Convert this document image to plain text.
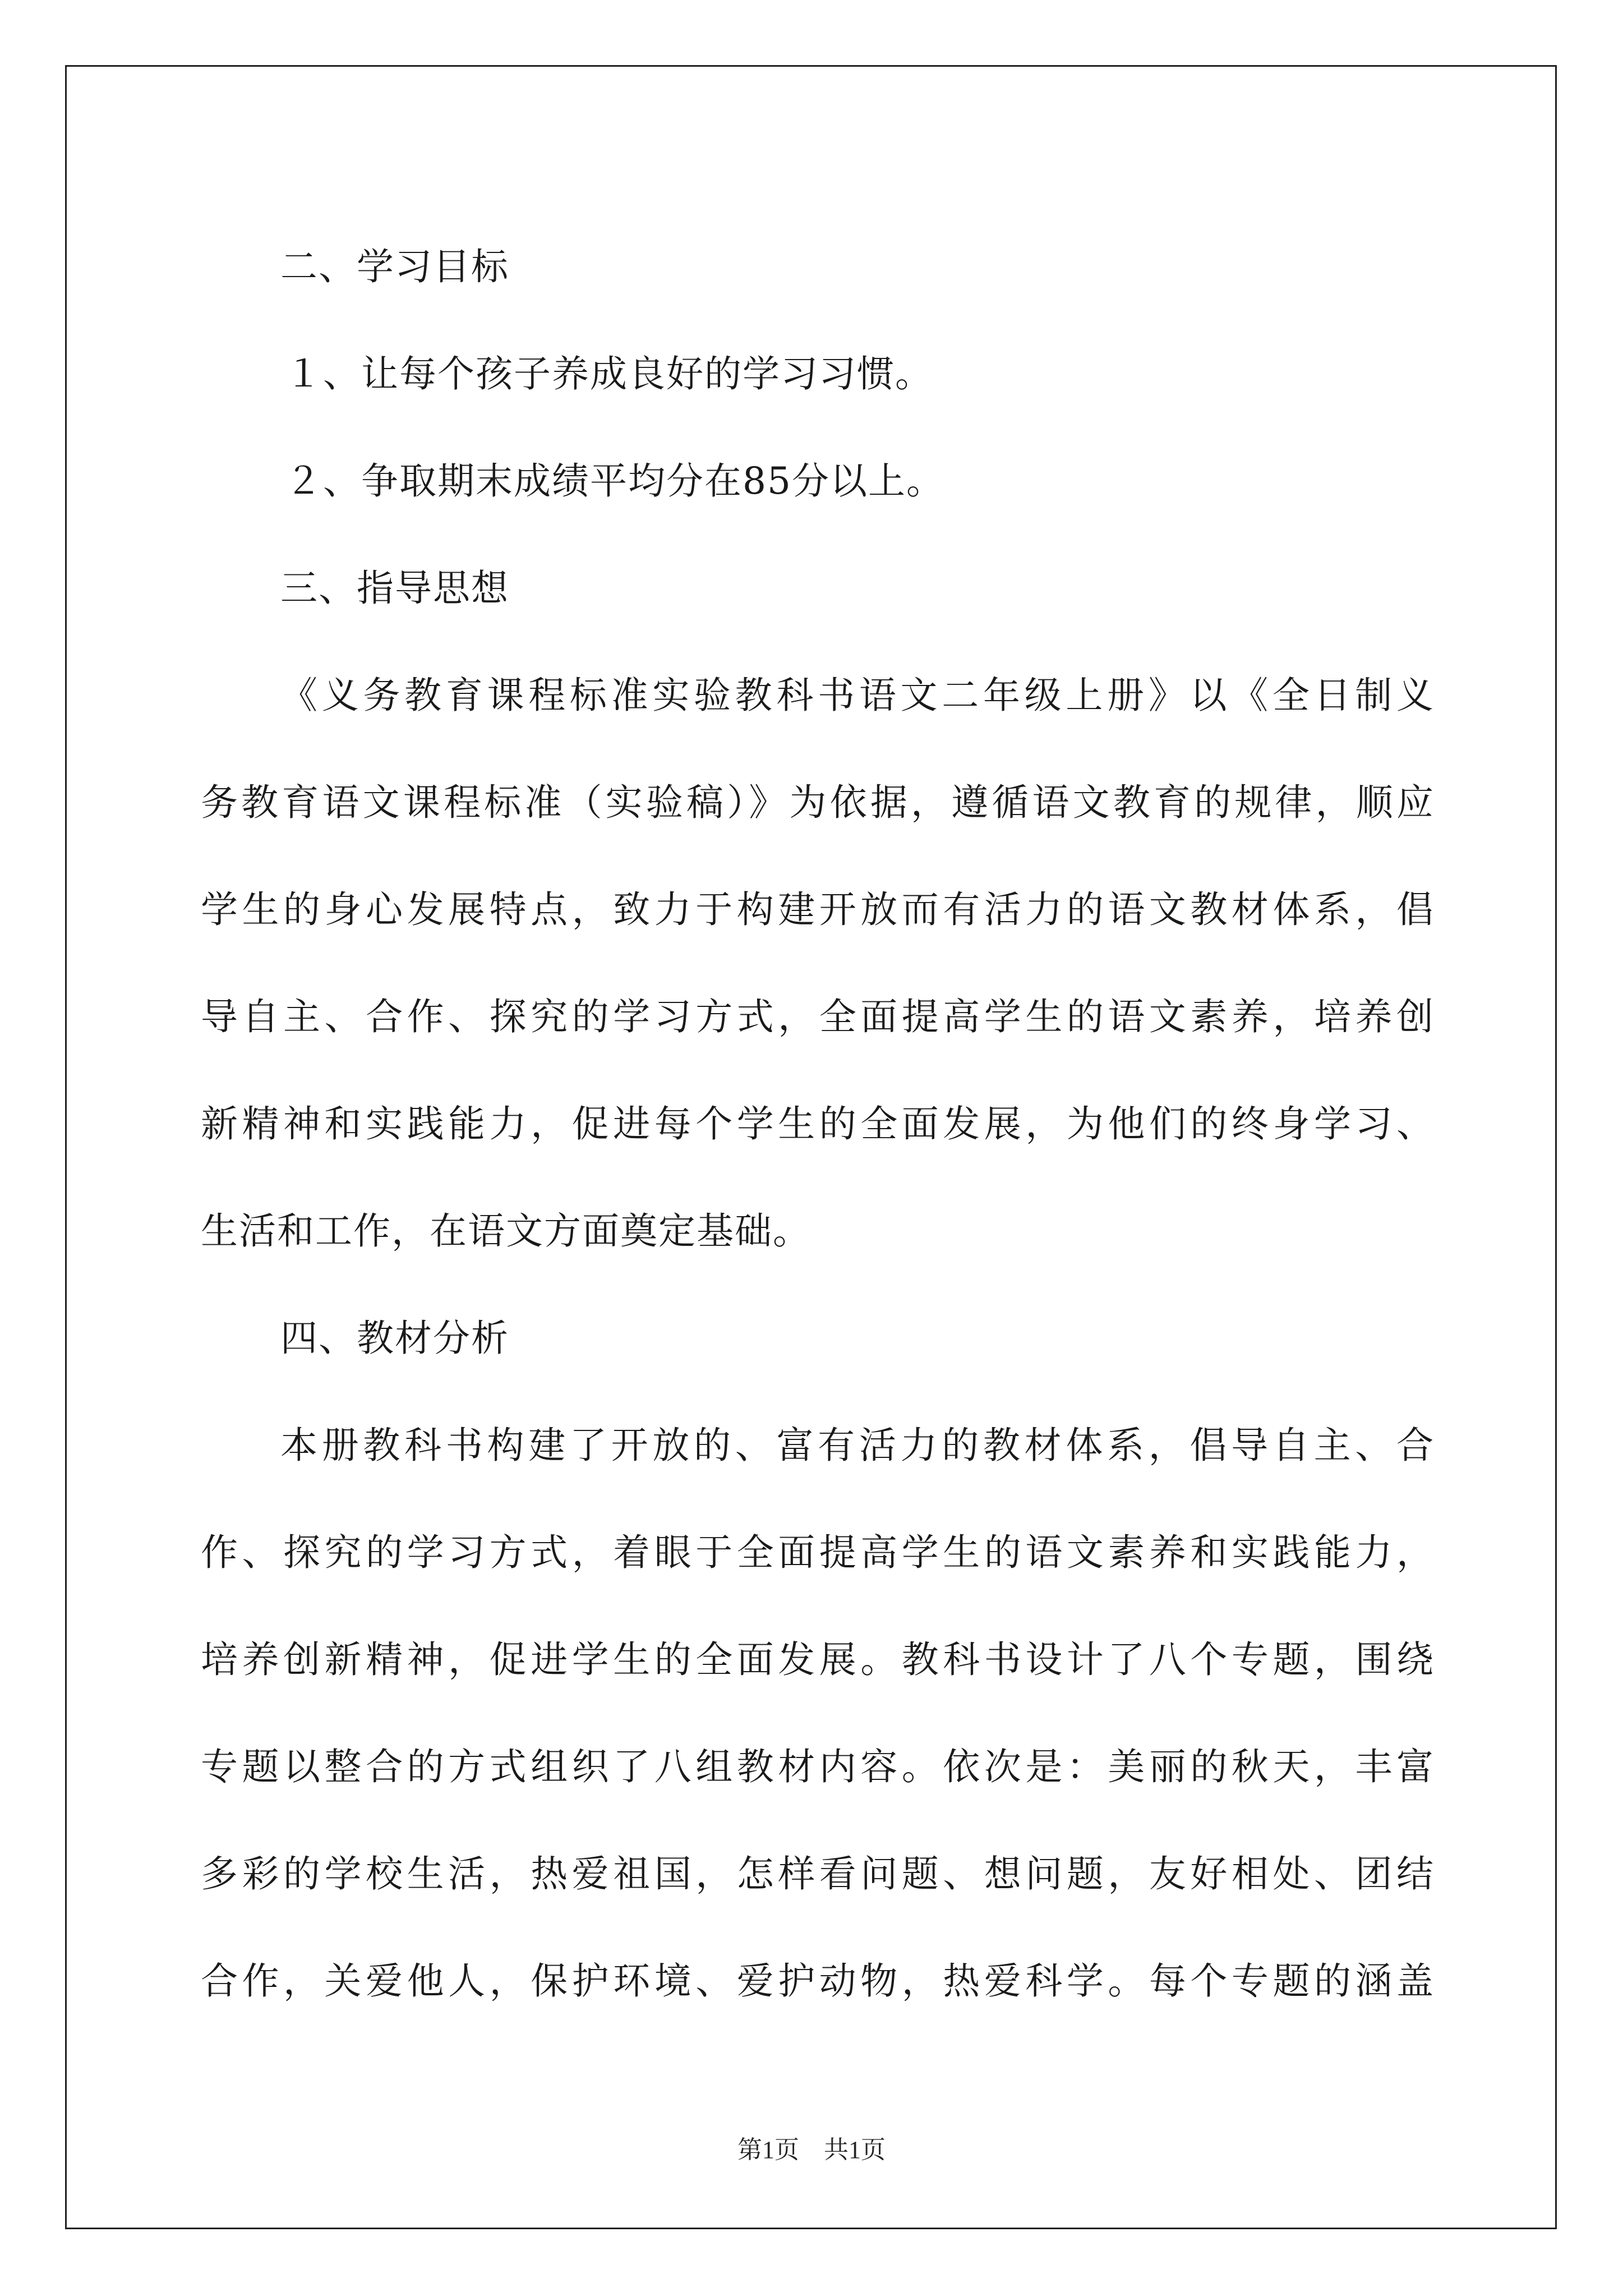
二、学习目标
１、让每个孩子养成良好的学习习惯。
２、争取期末成绩平均分在85分以上。
三、指导思想
《义务教育课程标准实验教科书语文二年级上册》以《全日制义
务教育语文课程标准（实验稿）》为依据，遵循语文教育的规律，顺应
学生的身心发展特点，致力于构建开放而有活力的语文教材体系，倡
导自主、合作、探究的学习方式，全面提高学生的语文素养，培养创
新精神和实践能力，促进每个学生的全面发展，为他们的终身学习、
生活和工作，在语文方面奠定基础。
四、教材分析
本册教科书构建了开放的、富有活力的教材体系，倡导自主、合
作、探究的学习方式，着眼于全面提高学生的语文素养和实践能力，
培养创新精神，促进学生的全面发展。教科书设计了八个专题，围绕
专题以整合的方式组织了八组教材内容。依次是：美丽的秋天，丰富
多彩的学校生活，热爱祖国，怎样看问题、想问题，友好相处、团结
合作，关爱他人，保护环境、爱护动物，热爱科学。每个专题的涵盖
第1页　共1页
